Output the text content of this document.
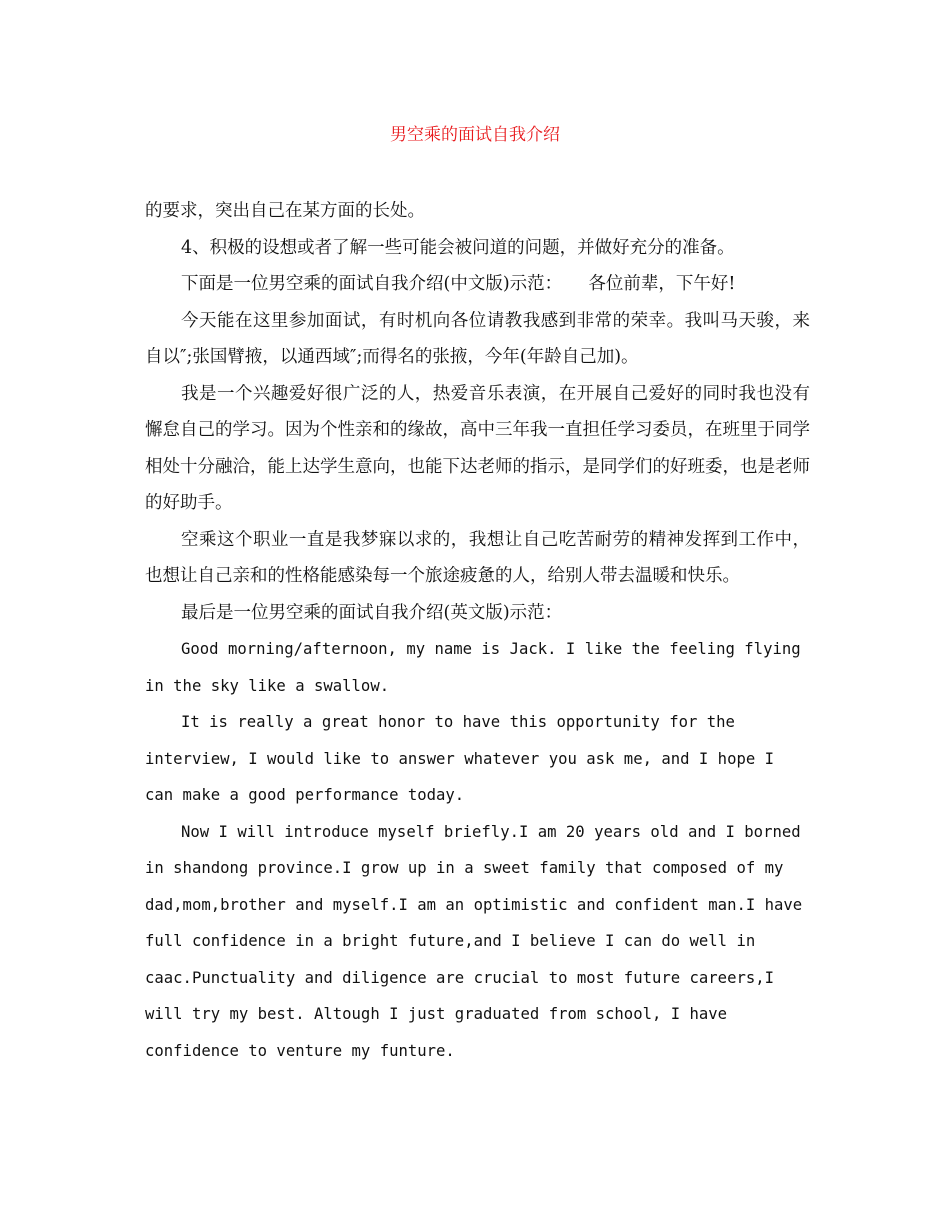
男空乘的面试自我介绍

的要求，突出自己在某方面的长处。

4、积极的设想或者了解一些可能会被问道的问题，并做好充分的准备。

下面是一位男空乘的面试自我介绍(中文版)示范：　　各位前辈，下午好!

今天能在这里参加面试，有时机向各位请教我感到非常的荣幸。我叫马天骏，来自以″;张国臂掖，以通西域″;而得名的张掖，今年(年龄自己加)。

我是一个兴趣爱好很广泛的人，热爱音乐表演，在开展自己爱好的同时我也没有懈怠自己的学习。因为个性亲和的缘故，高中三年我一直担任学习委员，在班里于同学相处十分融洽，能上达学生意向，也能下达老师的指示，是同学们的好班委，也是老师的好助手。

空乘这个职业一直是我梦寐以求的，我想让自己吃苦耐劳的精神发挥到工作中，也想让自己亲和的性格能感染每一个旅途疲惫的人，给别人带去温暖和快乐。

最后是一位男空乘的面试自我介绍(英文版)示范：

Good morning/afternoon, my name is Jack. I like the feeling flying in the sky like a swallow.

It is really a great honor to have this opportunity for the interview, I would like to answer whatever you ask me, and I hope I can make a good performance today.

Now I will introduce myself briefly.I am 20 years old and I borned in shandong province.I grow up in a sweet family that composed of my dad,mom,brother and myself.I am an optimistic and confident man.I have full confidence in a bright future,and I believe I can do well in caac.Punctuality and diligence are crucial to most future careers,I will try my best. Altough I just graduated from school, I have confidence to venture my funture.
